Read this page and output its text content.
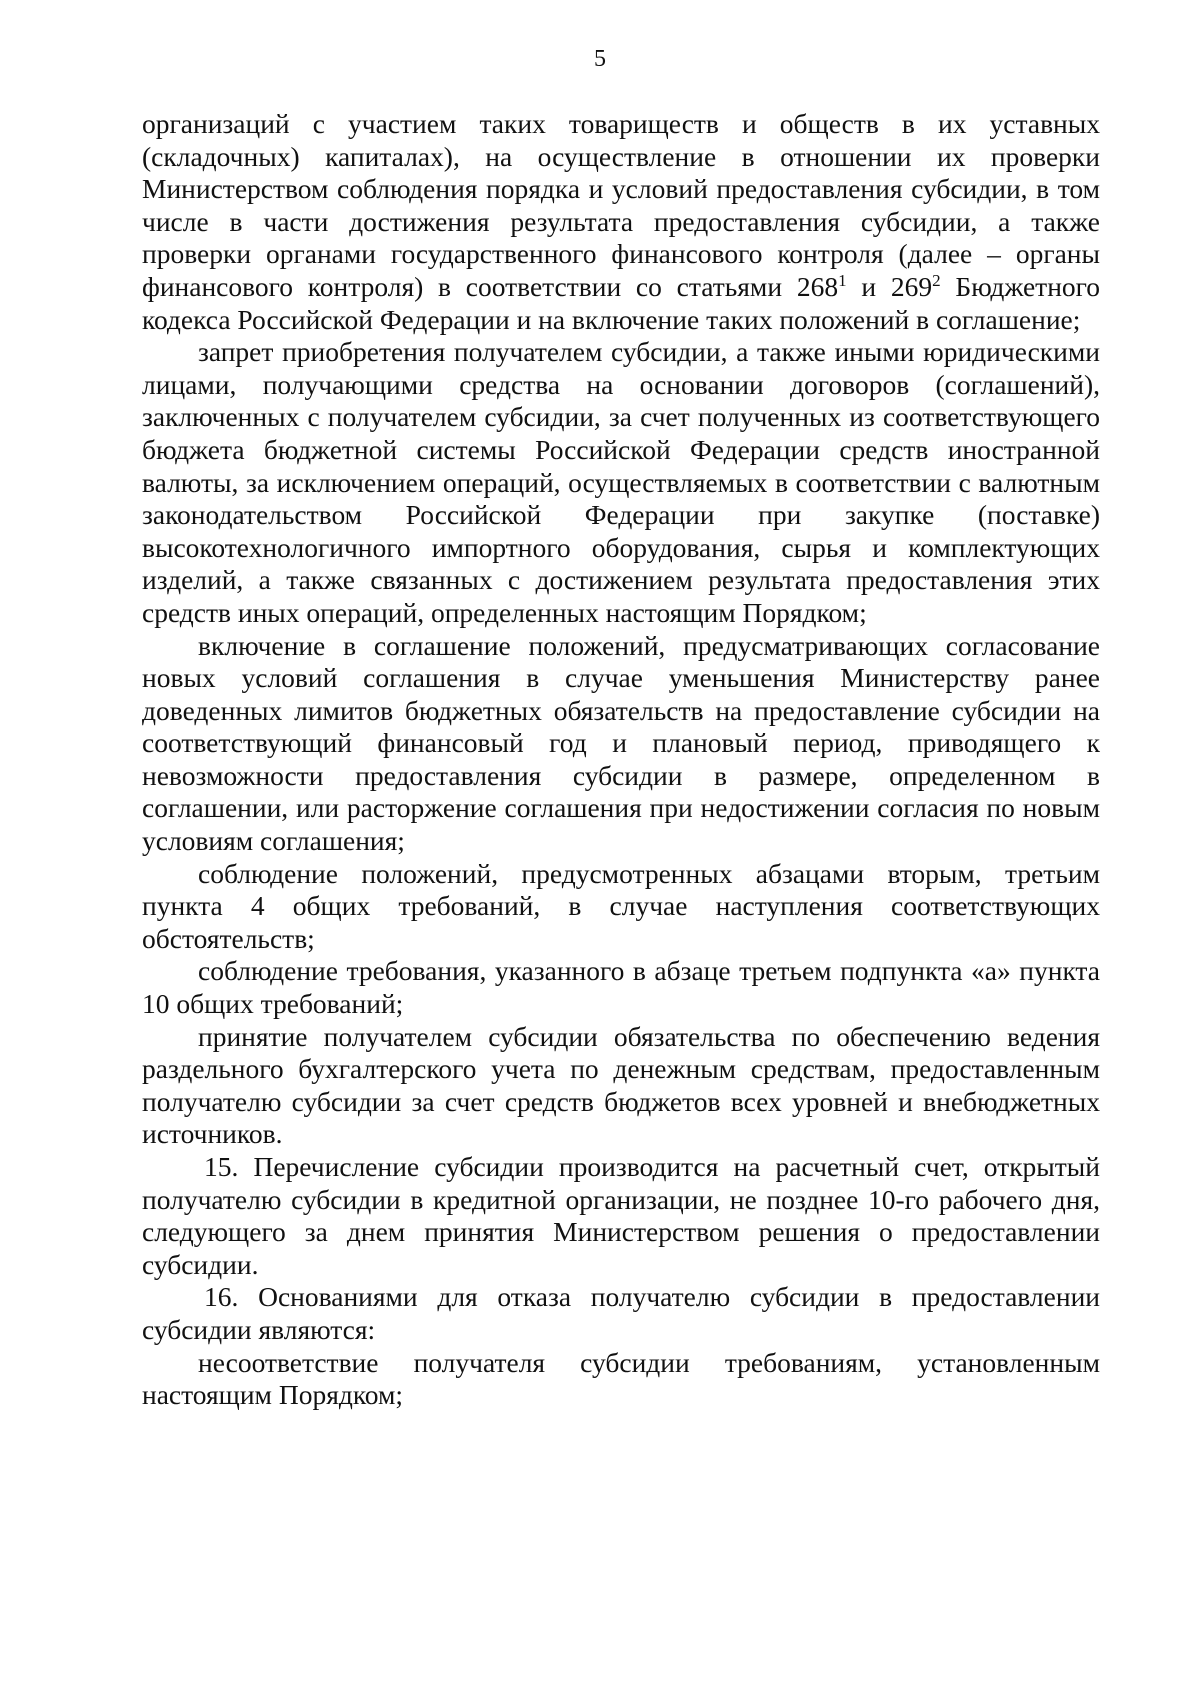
5

организаций с участием таких товариществ и обществ в их уставных (складочных) капиталах), на осуществление в отношении их проверки Министерством соблюдения порядка и условий предоставления субсидии, в том числе в части достижения результата предоставления субсидии, а также проверки органами государственного финансового контроля (далее – органы финансового контроля) в соответствии со статьями $268^1$ и $269^2$ Бюджетного кодекса Российской Федерации и на включение таких положений в соглашение;

запрет приобретения получателем субсидии, а также иными юридическими лицами, получающими средства на основании договоров (соглашений), заключенных с получателем субсидии, за счет полученных из соответствующего бюджета бюджетной системы Российской Федерации средств иностранной валюты, за исключением операций, осуществляемых в соответствии с валютным законодательством Российской Федерации при закупке (поставке) высокотехнологичного импортного оборудования, сырья и комплектующих изделий, а также связанных с достижением результата предоставления этих средств иных операций, определенных настоящим Порядком;

включение в соглашение положений, предусматривающих согласование новых условий соглашения в случае уменьшения Министерству ранее доведенных лимитов бюджетных обязательств на предоставление субсидии на соответствующий финансовый год и плановый период, приводящего к невозможности предоставления субсидии в размере, определенном в соглашении, или расторжение соглашения при недостижении согласия по новым условиям соглашения;

соблюдение положений, предусмотренных абзацами вторым, третьим пункта 4 общих требований, в случае наступления соответствующих обстоятельств;

соблюдение требования, указанного в абзаце третьем подпункта «а» пункта 10 общих требований;

принятие получателем субсидии обязательства по обеспечению ведения раздельного бухгалтерского учета по денежным средствам, предоставленным получателю субсидии за счет средств бюджетов всех уровней и внебюджетных источников.

15. Перечисление субсидии производится на расчетный счет, открытый получателю субсидии в кредитной организации, не позднее 10-го рабочего дня, следующего за днем принятия Министерством решения о предоставлении субсидии.

16. Основаниями для отказа получателю субсидии в предоставлении субсидии являются:

несоответствие получателя субсидии требованиям, установленным настоящим Порядком;
